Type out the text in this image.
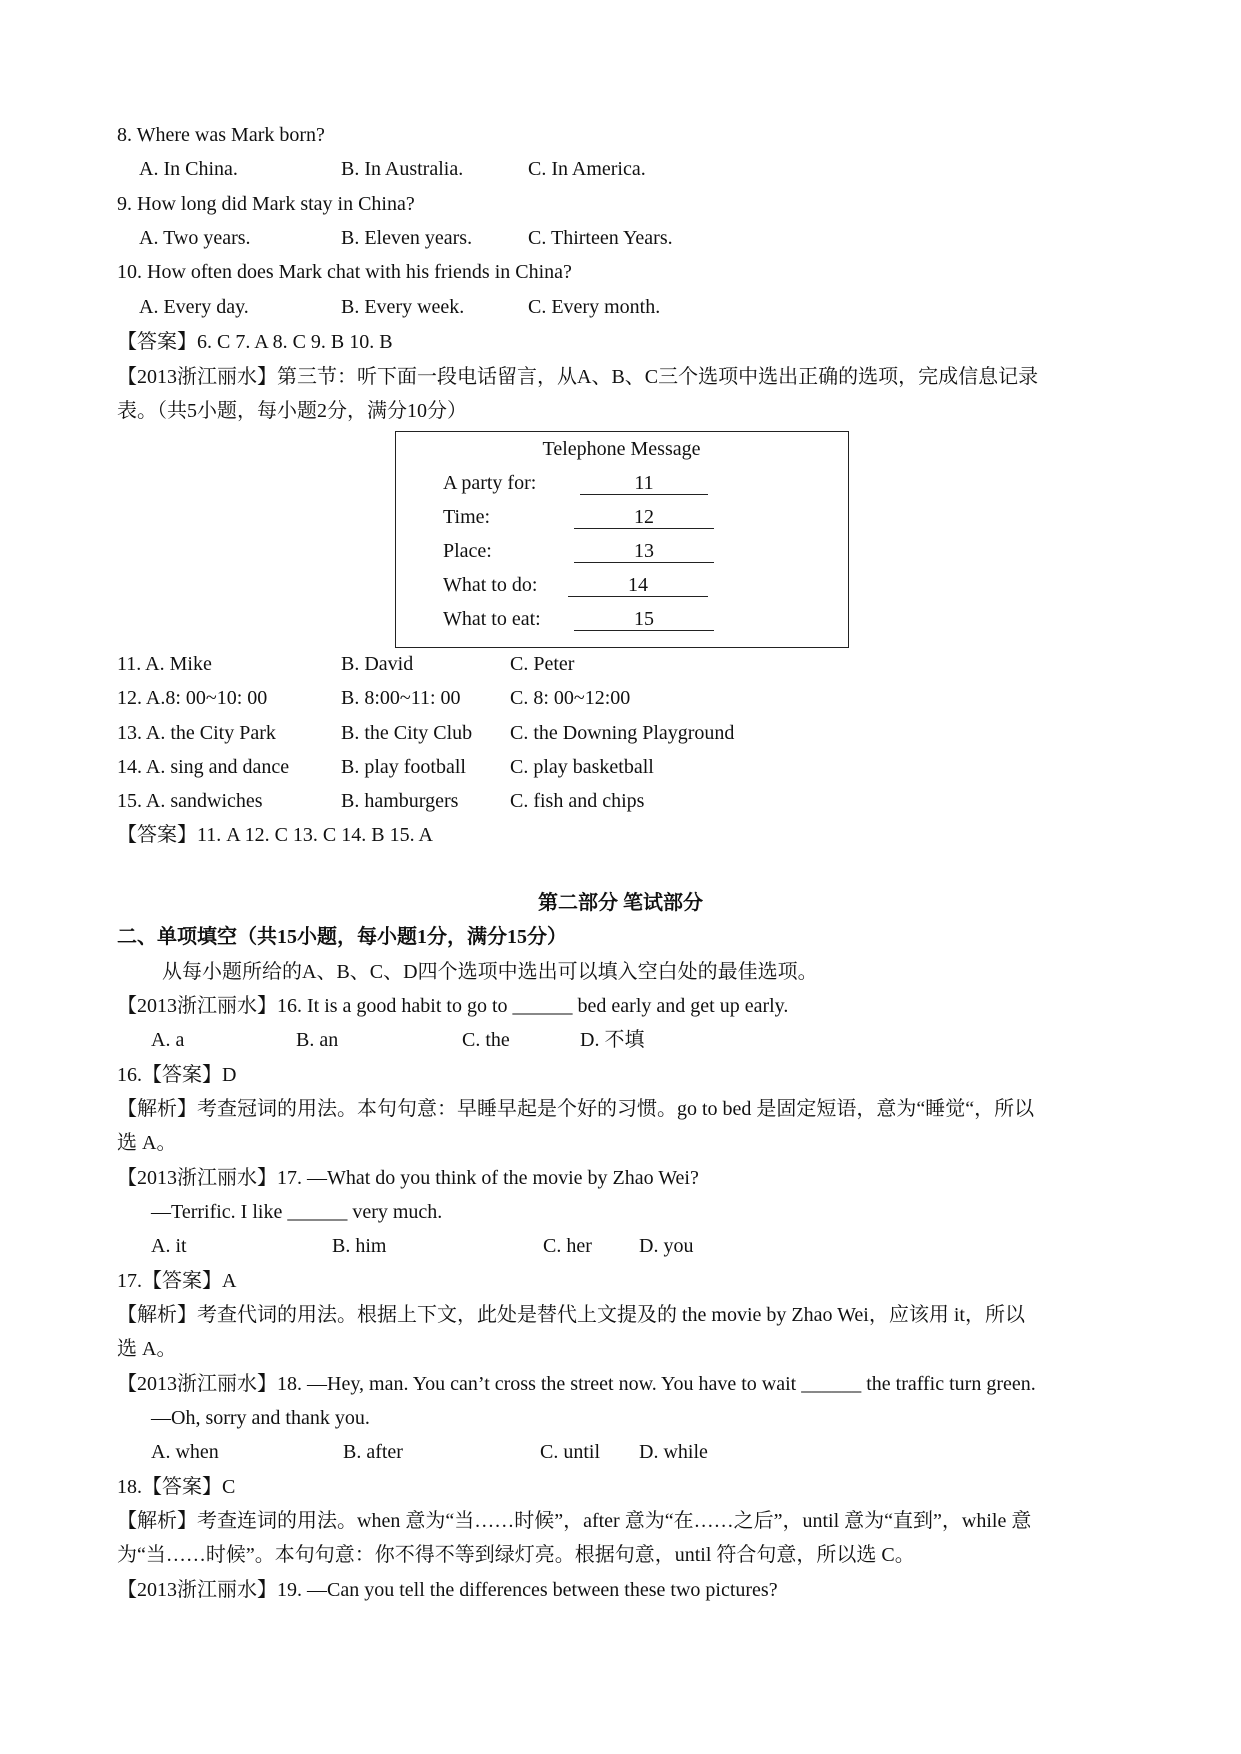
8. Where was Mark born?
A. In China.	B. In Australia.	C. In America.
9. How long did Mark stay in China?
A. Two years.	B. Eleven years.	C. Thirteen Years.
10. How often does Mark chat with his friends in China?
A. Every day.	B. Every week.	C. Every month.
【答案】6. C 7. A 8. C 9. B 10. B
【2013浙江丽水】第三节：听下面一段电话留言，从A、B、C三个选项中选出正确的选项，完成信息记录
表。（共5小题，每小题2分，满分10分）
Telephone Message
A party for:	11
Time:	12
Place:	13
What to do:	14
What to eat:	15
11. A. Mike	B. David	C. Peter
12. A.8: 00~10: 00	B. 8:00~11: 00 C. 8: 00~12:00
13. A. the City Park	B. the City Club C. the Downing Playground
14. A. sing and dance	B. play football C. play basketball
15. A. sandwiches	B. hamburgers	C. fish and chips
【答案】11. A 12. C 13. C 14. B 15. A
第二部分 笔试部分
二、单项填空（共15小题，每小题1分，满分15分）
从每小题所给的A、B、C、D四个选项中选出可以填入空白处的最佳选项。
【2013浙江丽水】16. It is a good habit to go to ______ bed early and get up early.
A. a	B. an	C. the	D. 不填
16.【答案】D
【解析】考查冠词的用法。本句句意：早睡早起是个好的习惯。go to bed 是固定短语，意为“睡觉“，所以
选 A。
【2013浙江丽水】17. —What do you think of the movie by Zhao Wei?
—Terrific. I like ______ very much.
A. it	B. him	C. her D. you
17.【答案】A
【解析】考查代词的用法。根据上下文，此处是替代上文提及的 the movie by Zhao Wei，应该用 it，所以
选 A。
【2013浙江丽水】18. —Hey, man. You can’t cross the street now. You have to wait ______ the traffic turn green.
—Oh, sorry and thank you.
A. when	B. after	C. until D. while
18.【答案】C
【解析】考查连词的用法。when 意为“当……时候”，after 意为“在……之后”，until 意为“直到”，while 意
为“当……时候”。本句句意：你不得不等到绿灯亮。根据句意，until 符合句意，所以选 C。
【2013浙江丽水】19. —Can you tell the differences between these two pictures?
